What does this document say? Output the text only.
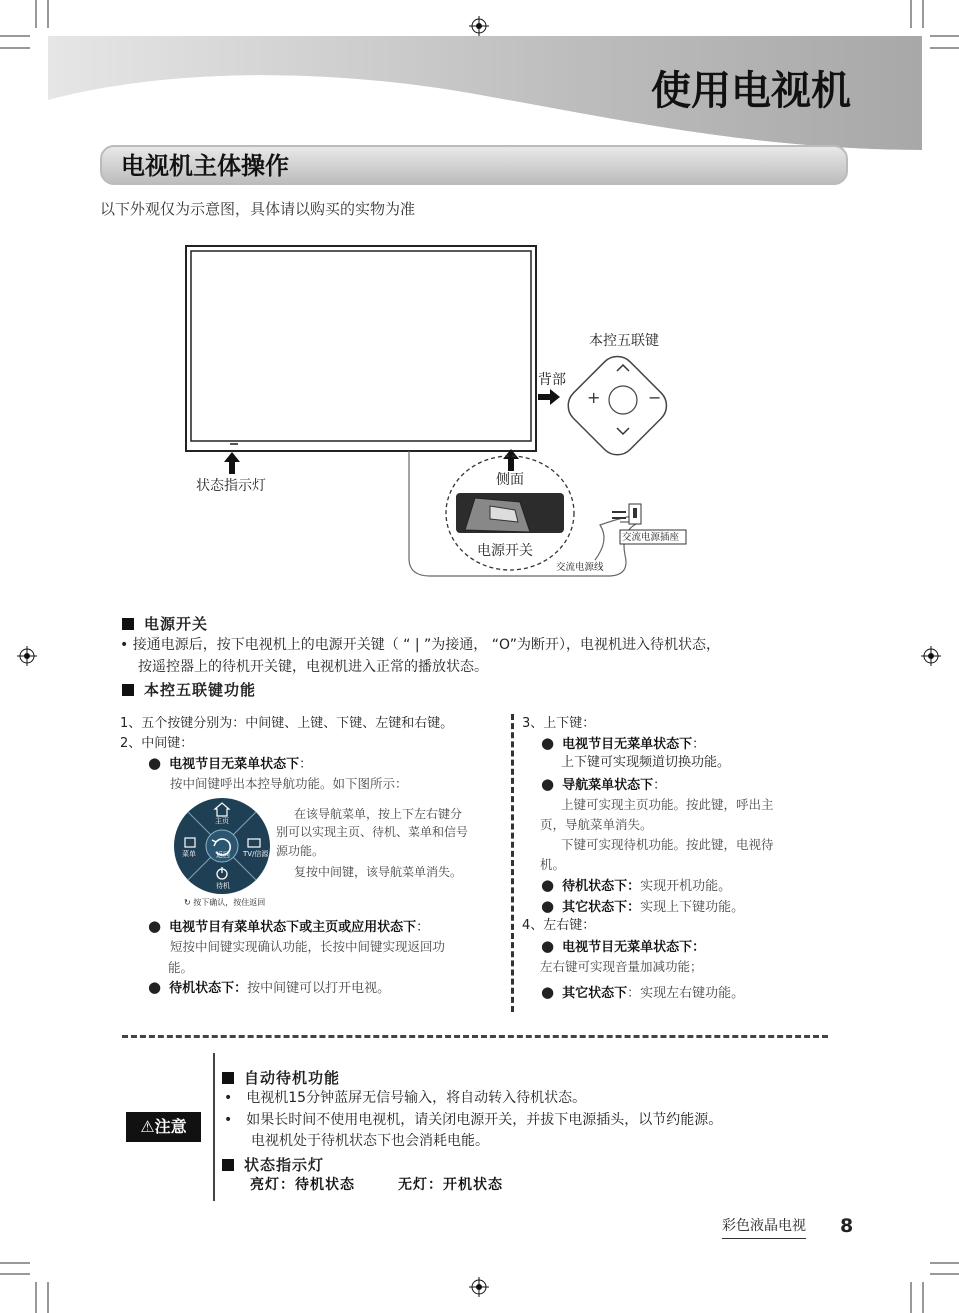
使用电视机
电视机主体操作
以下外观仅为示意图，具体请以购买的实物为准
背部
本控五联键
+	−
侧面
电源开关
状态指示灯
交流电源插座
交流电源线
电源开关
• 接通电源后，按下电视机上的电源开关键（ “ | ”为接通， “O”为断开），电视机进入待机状态，
按遥控器上的待机开关键，电视机进入正常的播放状态。
本控五联键功能
1、五个按键分别为：中间键、上键、下键、左键和右键。
2、中间键：
● 电视节目无菜单状态下：
按中间键呼出本控导航功能。如下图所示：
主页
菜单	返回 TV/信源
待机
↻ 按下确认，按住返回
在该导航菜单，按上下左右键分
别可以实现主页、待机、菜单和信号
源功能。
复按中间键，该导航菜单消失。
● 电视节目有菜单状态下或主页或应用状态下：
短按中间键实现确认功能，长按中间键实现返回功
能。
● 待机状态下：按中间键可以打开电视。
3、上下键：
● 电视节目无菜单状态下：
上下键可实现频道切换功能。
● 导航菜单状态下：
上键可实现主页功能。按此键，呼出主
页，导航菜单消失。
下键可实现待机功能。按此键，电视待
机。
● 待机状态下：实现开机功能。
● 其它状态下：实现上下键功能。
4、左右键：
● 电视节目无菜单状态下：
左右键可实现音量加减功能；
● 其它状态下：实现左右键功能。
⚠注意
自动待机功能
• 电视机15分钟蓝屏无信号输入，将自动转入待机状态。
• 如果长时间不使用电视机，请关闭电源开关，并拔下电源插头，以节约能源。
电视机处于待机状态下也会消耗电能。
状态指示灯
亮灯：待机状态	无灯：开机状态
彩色液晶电视 8
